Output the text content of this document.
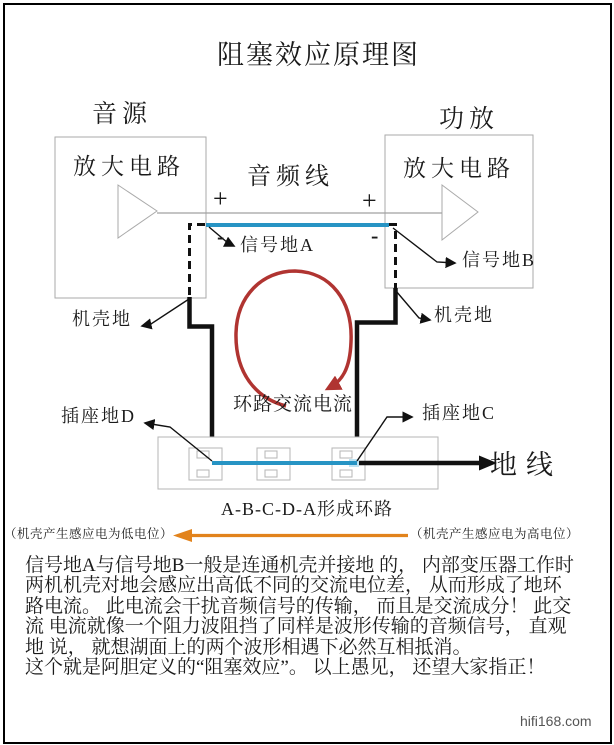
阻塞效应原理图
音源	功放
放大电路	放大电路
音频线
+	+
-	-
信号地A
信号地B
机壳地	机壳地
环路交流电流
插座地D	插座地C
地线
A-B-C-D-A形成环路
（机壳产生感应电为低电位）	（机壳产生感应电为高电位）
信号地A与信号地B一般是连通机壳并接地 的， 内部变压器工作时
两机机壳对地会感应出高低不同的交流电位差， 从而形成了地环
路电流。 此电流会干扰音频信号的传输， 而且是交流成分！ 此交
流 电流就像一个阻力波阻挡了同样是波形传输的音频信号， 直观
地 说， 就想湖面上的两个波形相遇下必然互相抵消。
这个就是阿胆定义的“阻塞效应”。 以上愚见， 还望大家指正！
hifi168.com
